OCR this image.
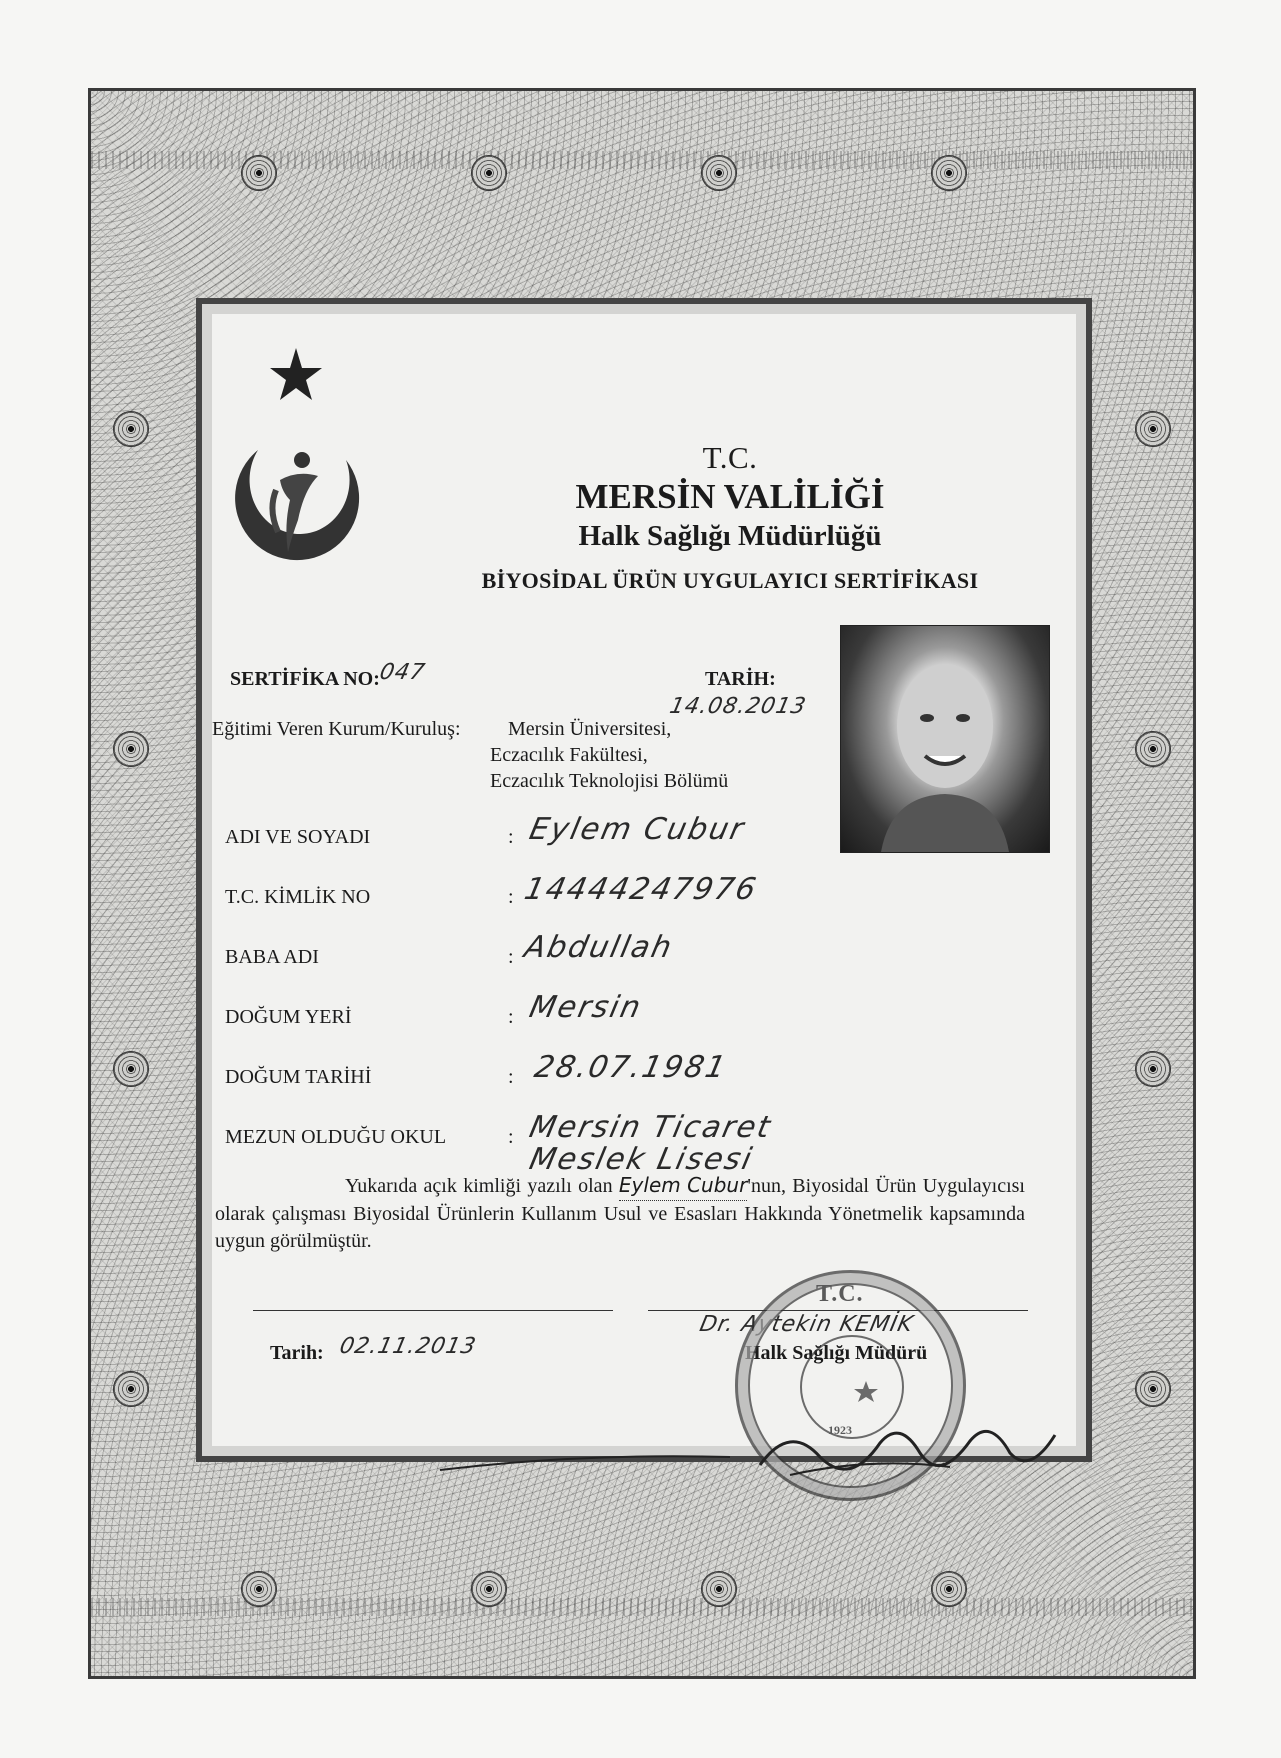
T.C.

MERSİN VALİLİĞİ

Halk Sağlığı Müdürlüğü

BİYOSİDAL ÜRÜN UYGULAYICI SERTİFİKASI
SERTİFİKA NO:
047	TARİH:
14.08.2013
Eğitimi Veren Kurum/Kuruluş: Mersin Üniversitesi,
Eczacılık Fakültesi,
Eczacılık Teknolojisi Bölümü
ADI VE SOYADI	: Eylem Cubur
T.C. KİMLİK NO	: 14444247976
BABA ADI	: Abdullah
DOĞUM YERİ	: Mersin
DOĞUM TARİHİ	: 28.07.1981
MEZUN OLDUĞU OKUL	: Mersin Ticaret
Meslek Lisesi
Yukarıda açık kimliği yazılı olan Eylem Cubur'nun, Biyosidal Ürün Uygulayıcısı olarak çalışması Biyosidal Ürünlerin Kullanım Usul ve Esasları Hakkında Yönetmelik kapsamında uygun görülmüştür.
Tarih: 02.11.2013
Dr. Aytekin KEMİK
Halk Sağlığı Müdürü
T.C.
1923
